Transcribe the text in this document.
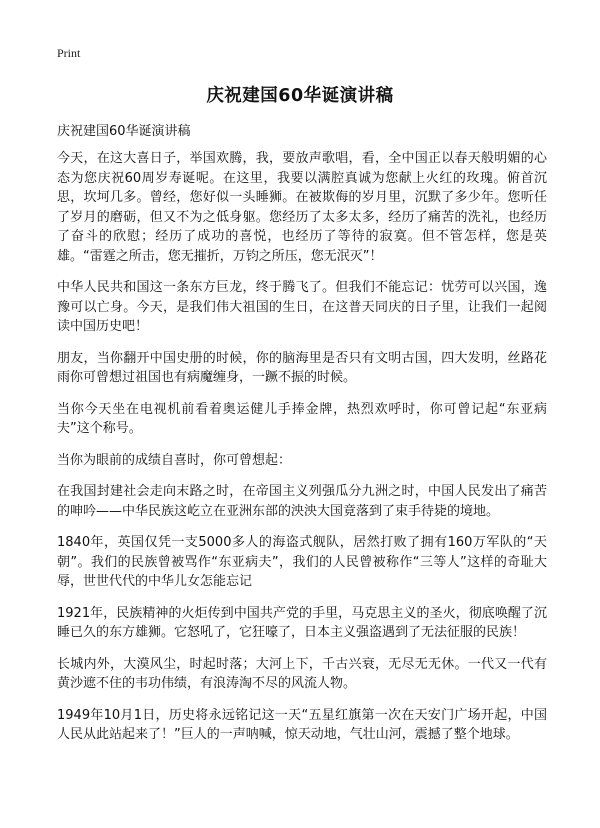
Print
庆祝建国60华诞演讲稿

庆祝建国60华诞演讲稿

今天，在这大喜日子，举国欢腾，我，要放声歌唱，看，全中国正以春天般明媚的心态为您庆祝60周岁寿诞呢。在这里，我要以满腔真诚为您献上火红的玫瑰。俯首沉思，坎坷几多。曾经，您好似一头睡狮。在被欺侮的岁月里，沉默了多少年。您听任了岁月的磨砺，但又不为之低身躯。您经历了太多太多，经历了痛苦的洗礼，也经历了奋斗的欣慰；经历了成功的喜悦，也经历了等待的寂寞。但不管怎样，您是英雄。“雷霆之所击，您无摧折，万钧之所压，您无泯灭”！

中华人民共和国这一条东方巨龙，终于腾飞了。但我们不能忘记：忧劳可以兴国，逸豫可以亡身。今天，是我们伟大祖国的生日，在这普天同庆的日子里，让我们一起阅读中国历史吧！

朋友，当你翻开中国史册的时候，你的脑海里是否只有文明古国，四大发明，丝路花雨你可曾想过祖国也有病魔缠身，一蹶不振的时候。

当你今天坐在电视机前看着奥运健儿手捧金牌，热烈欢呼时，你可曾记起“东亚病夫”这个称号。

当你为眼前的成绩自喜时，你可曾想起：

在我国封建社会走向末路之时，在帝国主义列强瓜分九洲之时，中国人民发出了痛苦的呻吟——中华民族这屹立在亚洲东部的泱泱大国竟落到了束手待毙的境地。

1840年，英国仅凭一支5000多人的海盗式舰队，居然打败了拥有160万军队的“天朝”。我们的民族曾被骂作“东亚病夫”，我们的人民曾被称作“三等人”这样的奇耻大辱，世世代代的中华儿女怎能忘记

1921年，民族精神的火炬传到中国共产党的手里，马克思主义的圣火，彻底唤醒了沉睡已久的东方雄狮。它怒吼了，它狂嚎了，日本主义强盗遇到了无法征服的民族！

长城内外，大漠风尘，时起时落；大河上下，千古兴衰，无尽无无休。一代又一代有黄沙遮不住的韦功伟绩，有浪涛淘不尽的风流人物。

1949年10月1日，历史将永远铭记这一天“五星红旗第一次在天安门广场开起，中国人民从此站起来了！”巨人的一声呐喊，惊天动地，气壮山河，震撼了整个地球。
